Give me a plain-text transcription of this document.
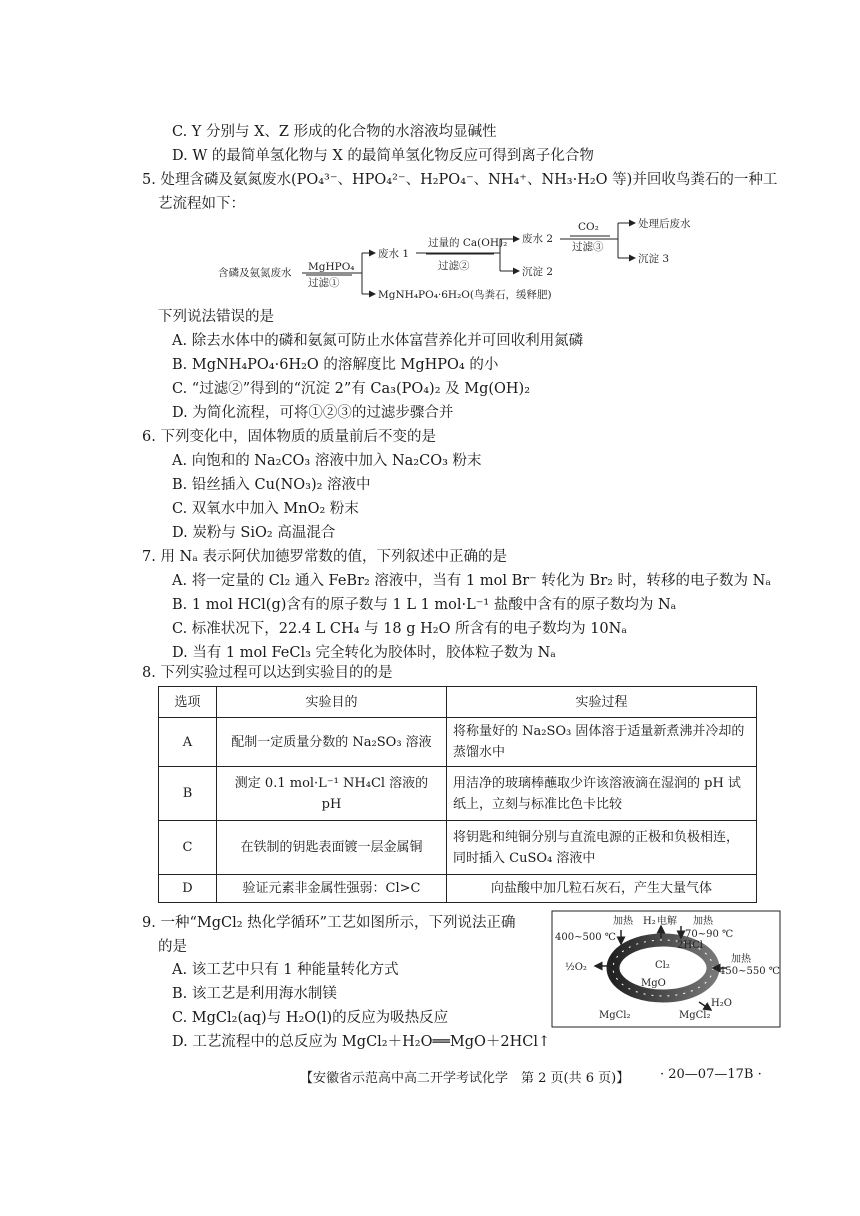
C. Y 分别与 X、Z 形成的化合物的水溶液均显碱性
D. W 的最简单氢化物与 X 的最简单氢化物反应可得到离子化合物
5. 处理含磷及氨氮废水(PO₄³⁻、HPO₄²⁻、H₂PO₄⁻、NH₄⁺、NH₃·H₂O 等)并回收鸟粪石的一种工
艺流程如下：
含磷及氨氮废水 MgHPO₄
过滤①
废水 1
过量的 Ca(OH)₂
过滤②
废水 2
CO₂
过滤③
处理后废水
沉淀 3
沉淀 2
MgNH₄PO₄·6H₂O(鸟粪石，缓释肥)
下列说法错误的是
A. 除去水体中的磷和氨氮可防止水体富营养化并可回收利用氮磷
B. MgNH₄PO₄·6H₂O 的溶解度比 MgHPO₄ 的小
C. “过滤②”得到的“沉淀 2”有 Ca₃(PO₄)₂ 及 Mg(OH)₂
D. 为简化流程，可将①②③的过滤步骤合并
6. 下列变化中，固体物质的质量前后不变的是
A. 向饱和的 Na₂CO₃ 溶液中加入 Na₂CO₃ 粉末
B. 铅丝插入 Cu(NO₃)₂ 溶液中
C. 双氧水中加入 MnO₂ 粉末
D. 炭粉与 SiO₂ 高温混合
7. 用 Nₐ 表示阿伏加德罗常数的值，下列叙述中正确的是
A. 将一定量的 Cl₂ 通入 FeBr₂ 溶液中，当有 1 mol Br⁻ 转化为 Br₂ 时，转移的电子数为 Nₐ
B. 1 mol HCl(g)含有的原子数与 1 L 1 mol·L⁻¹ 盐酸中含有的原子数均为 Nₐ
C. 标准状况下，22.4 L CH₄ 与 18 g H₂O 所含有的电子数均为 10Nₐ
D. 当有 1 mol FeCl₃ 完全转化为胶体时，胶体粒子数为 Nₐ
8. 下列实验过程可以达到实验目的的是
选项	实验目的	实验过程
A	配制一定质量分数的 Na₂SO₃ 溶液	将称量好的 Na₂SO₃ 固体溶于适量新煮沸并冷却的蒸馏水中
B	测定 0.1 mol·L⁻¹ NH₄Cl 溶液的 pH	用洁净的玻璃棒蘸取少许该溶液滴在湿润的 pH 试纸上，立刻与标准比色卡比较
C	在铁制的钥匙表面镀一层金属铜	将钥匙和纯铜分别与直流电源的正极和负极相连，同时插入 CuSO₄ 溶液中
D	验证元素非金属性强弱：Cl>C	向盐酸中加几粒石灰石，产生大量气体
9. 一种“MgCl₂ 热化学循环”工艺如图所示，下列说法正确
的是
A. 该工艺中只有 1 种能量转化方式
B. 该工艺是利用海水制镁
C. MgCl₂(aq)与 H₂O(l)的反应为吸热反应
D. 工艺流程中的总反应为 MgCl₂＋H₂O══MgO＋2HCl↑
加热
400~500 ℃
H₂ 电解 加热
70~90 ℃
2HCl
½O₂	Cl₂
加热
450~550 ℃
MgO
H₂O
MgCl₂	MgCl₂
【安徽省示范高中高二开学考试化学　第 2 页(共 6 页)】 · 20—07—17B ·
